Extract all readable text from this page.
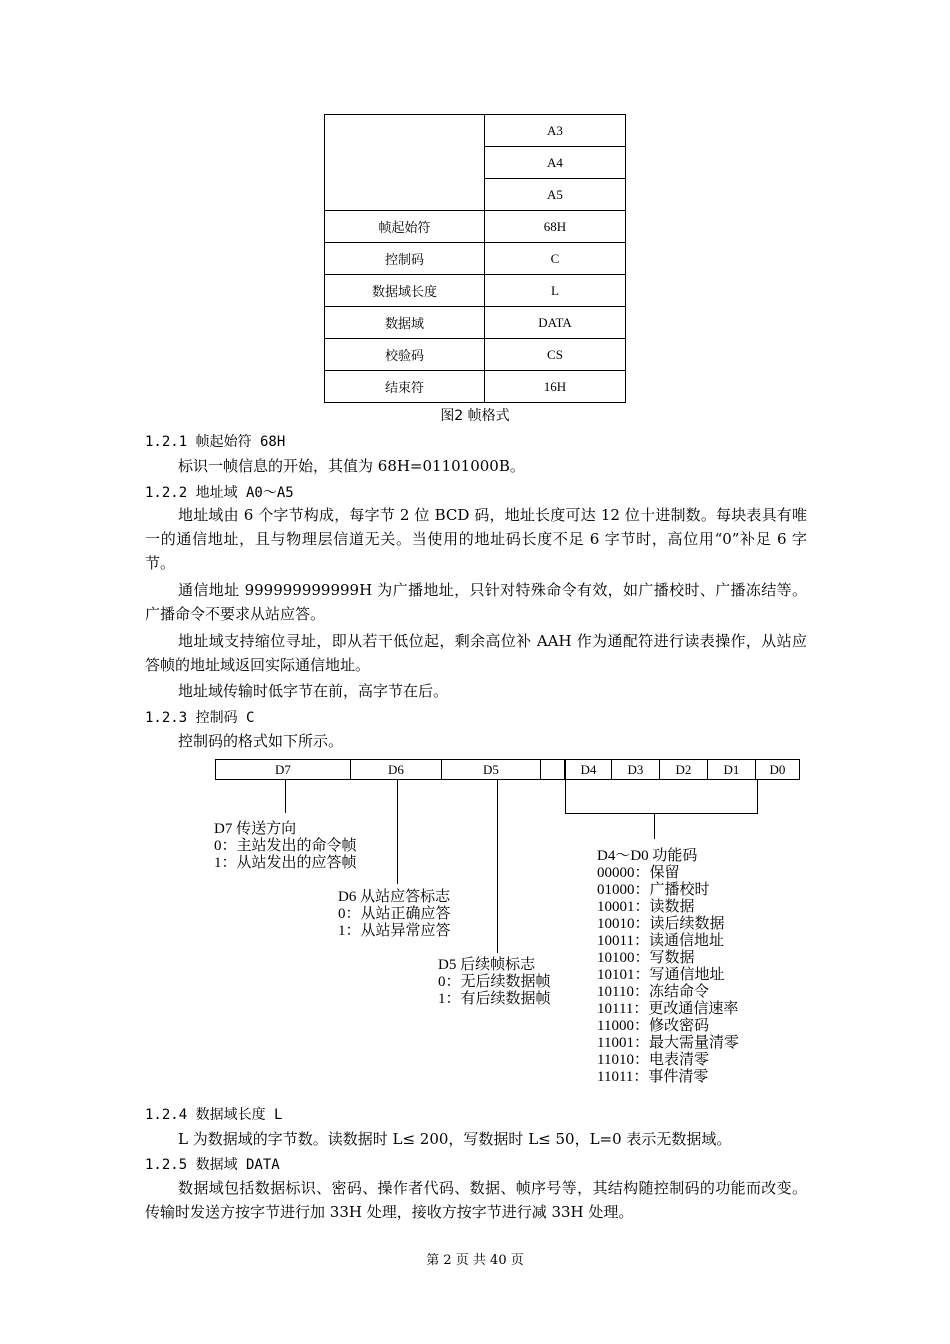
	A3
	A4
	A5
帧起始符	68H
控制码	C
数据域长度	L
数据域	DATA
校验码	CS
结束符	16H
图2 帧格式
1.2.1 帧起始符 68H
标识一帧信息的开始，其值为 68H=01101000B。
1.2.2 地址域 A0～A5
地址域由 6 个字节构成，每字节 2 位 BCD 码，地址长度可达 12 位十进制数。每块表具有唯一的通信地址，且与物理层信道无关。当使用的地址码长度不足 6 字节时，高位用“0”补足 6 字节。
通信地址 999999999999H 为广播地址，只针对特殊命令有效，如广播校时、广播冻结等。广播命令不要求从站应答。
地址域支持缩位寻址，即从若干低位起，剩余高位补 AAH 作为通配符进行读表操作，从站应答帧的地址域返回实际通信地址。
地址域传输时低字节在前，高字节在后。
1.2.3 控制码 C
控制码的格式如下所示。
D7	D6	D5	D4	D3	D2	D1	D0
D7 传送方向
0：主站发出的命令帧
1：从站发出的应答帧
D6 从站应答标志
0：从站正确应答
1：从站异常应答
D5 后续帧标志
0：无后续数据帧
1：有后续数据帧
D4～D0 功能码
00000：保留
01000：广播校时
10001：读数据
10010：读后续数据
10011：读通信地址
10100：写数据
10101：写通信地址
10110：冻结命令
10111：更改通信速率
11000：修改密码
11001：最大需量清零
11010：电表清零
11011：事件清零
1.2.4 数据域长度 L
L 为数据域的字节数。读数据时 L≤ 200，写数据时 L≤ 50，L=0 表示无数据域。
1.2.5 数据域 DATA
数据域包括数据标识、密码、操作者代码、数据、帧序号等，其结构随控制码的功能而改变。传输时发送方按字节进行加 33H 处理，接收方按字节进行减 33H 处理。
第 2 页 共 40 页
